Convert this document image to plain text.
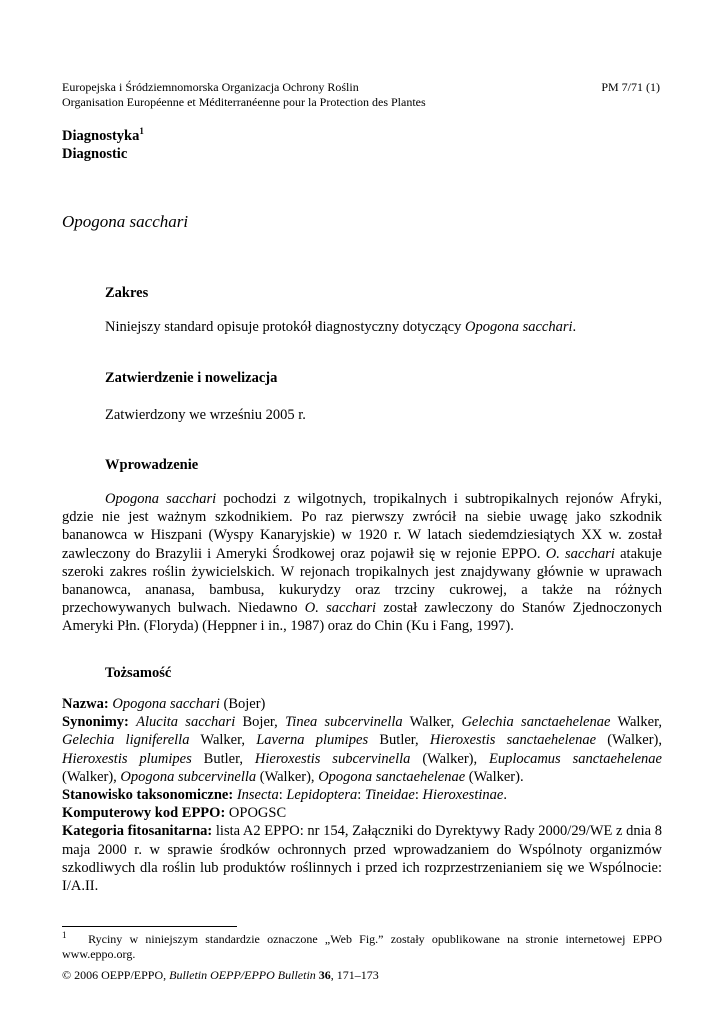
Europejska i Śródziemnomorska Organizacja Ochrony Roślin
Organisation Européenne et Méditerranéenne pour la Protection des Plantes
PM 7/71 (1)
Diagnostyka$^1$
Diagnostic
Opogona sacchari
Zakres
Niniejszy standard opisuje protokół diagnostyczny dotyczący Opogona sacchari.
Zatwierdzenie i nowelizacja
Zatwierdzony we wrześniu 2005 r.
Wprowadzenie
Opogona sacchari pochodzi z wilgotnych, tropikalnych i subtropikalnych rejonów Afryki, gdzie nie jest ważnym szkodnikiem. Po raz pierwszy zwrócił na siebie uwagę jako szkodnik bananowca w Hiszpani (Wyspy Kanaryjskie) w 1920 r. W latach siedemdziesiątych XX w. został zawleczony do Brazylii i Ameryki Środkowej oraz pojawił się w rejonie EPPO. O. sacchari atakuje szeroki zakres roślin żywicielskich. W rejonach tropikalnych jest znajdywany głównie w uprawach bananowca, ananasa, bambusa, kukurydzy oraz trzciny cukrowej, a także na różnych przechowywanych bulwach. Niedawno O. sacchari został zawleczony do Stanów Zjednoczonych Ameryki Płn. (Floryda) (Heppner i in., 1987) oraz do Chin (Ku i Fang, 1997).
Tożsamość
Nazwa: Opogona sacchari (Bojer)
Synonimy: Alucita sacchari Bojer, Tinea subcervinella Walker, Gelechia sanctaehelenae Walker, Gelechia ligniferella Walker, Laverna plumipes Butler, Hieroxestis sanctaehelenae (Walker), Hieroxestis plumipes Butler, Hieroxestis subcervinella (Walker), Euplocamus sanctaehelenae (Walker), Opogona subcervinella (Walker), Opogona sanctaehelenae (Walker).
Stanowisko taksonomiczne: Insecta: Lepidoptera: Tineidae: Hieroxestinae.
Komputerowy kod EPPO: OPOGSC
Kategoria fitosanitarna: lista A2 EPPO: nr 154, Załączniki do Dyrektywy Rady 2000/29/WE z dnia 8 maja 2000 r. w sprawie środków ochronnych przed wprowadzaniem do Wspólnoty organizmów szkodliwych dla roślin lub produktów roślinnych i przed ich rozprzestrzenianiem się we Wspólnocie: I/A.II.
$^1$ Ryciny w niniejszym standardzie oznaczone „Web Fig.” zostały opublikowane na stronie internetowej EPPO www.eppo.org.
© 2006 OEPP/EPPO, Bulletin OEPP/EPPO Bulletin 36, 171–173
